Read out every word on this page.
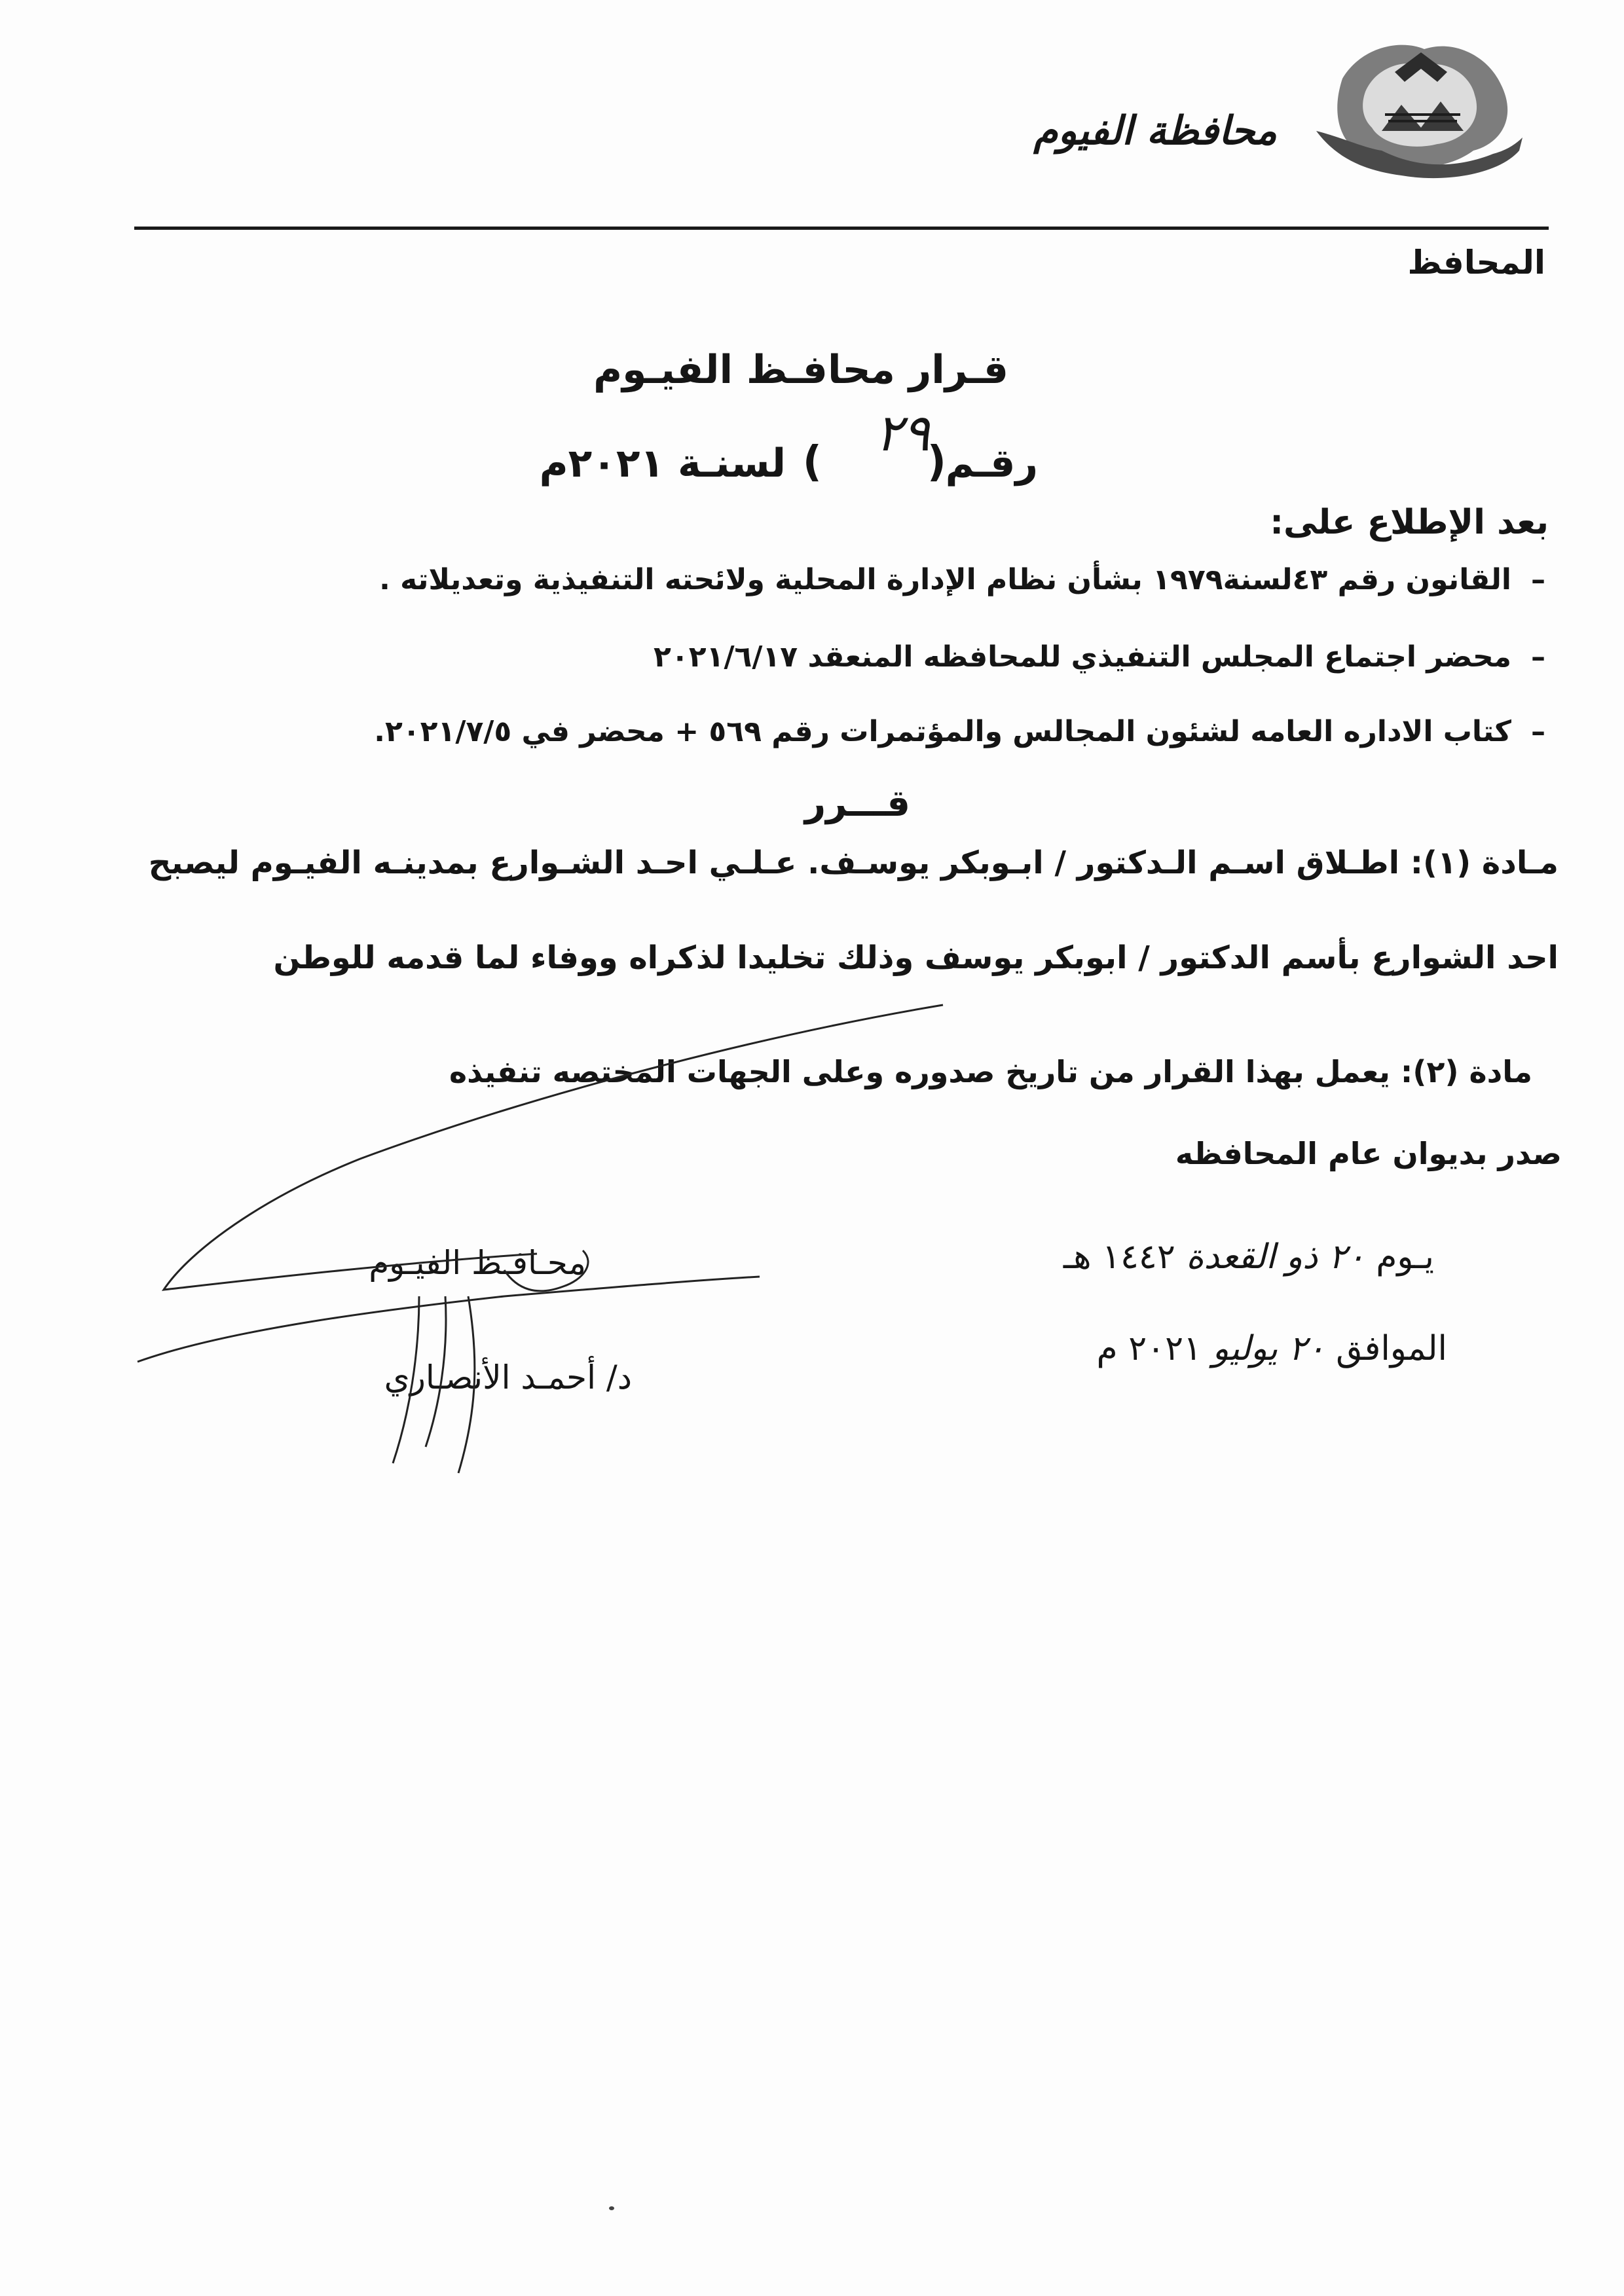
محافظة الفيوم
المحافظ
قـرار محافـظ الفيـوم
رقـم
(
٢٩
)
لسنـة ٢٠٢١م
بعد الإطلاع على:
–القانون رقم ٤٣لسنة١٩٧٩ بشأن نظام الإدارة المحلية ولائحته التنفيذية وتعديلاته .
–محضر اجتماع المجلس التنفيذي للمحافظه المنعقد ٢٠٢١/٦/١٧
–كتاب الاداره العامه لشئون المجالس والمؤتمرات رقم ٥٦٩ + محضر في ٢٠٢١/٧/٥.
قـــرر
مـادة (١): اطـلاق اسـم الـدكتور / ابـوبكر يوسـف. عـلـي احـد الشـوارع بمدينـه الفيـوم ليصبح
احد الشوارع بأسم الدكتور / ابوبكر يوسف وذلك تخليدا لذكراه ووفاء لما قدمه للوطن
مادة (٢): يعمل بهذا القرار من تاريخ صدوره وعلى الجهات المختصه تنفيذه
صدر بديوان عام المحافظه
محـافـظ الفيـوم
د/ أحمـد الأنصـاري
يـوم ٢٠ ذو القعدة ١٤٤٢ هـ
الموافق ٢٠ يوليو ٢٠٢١ م
